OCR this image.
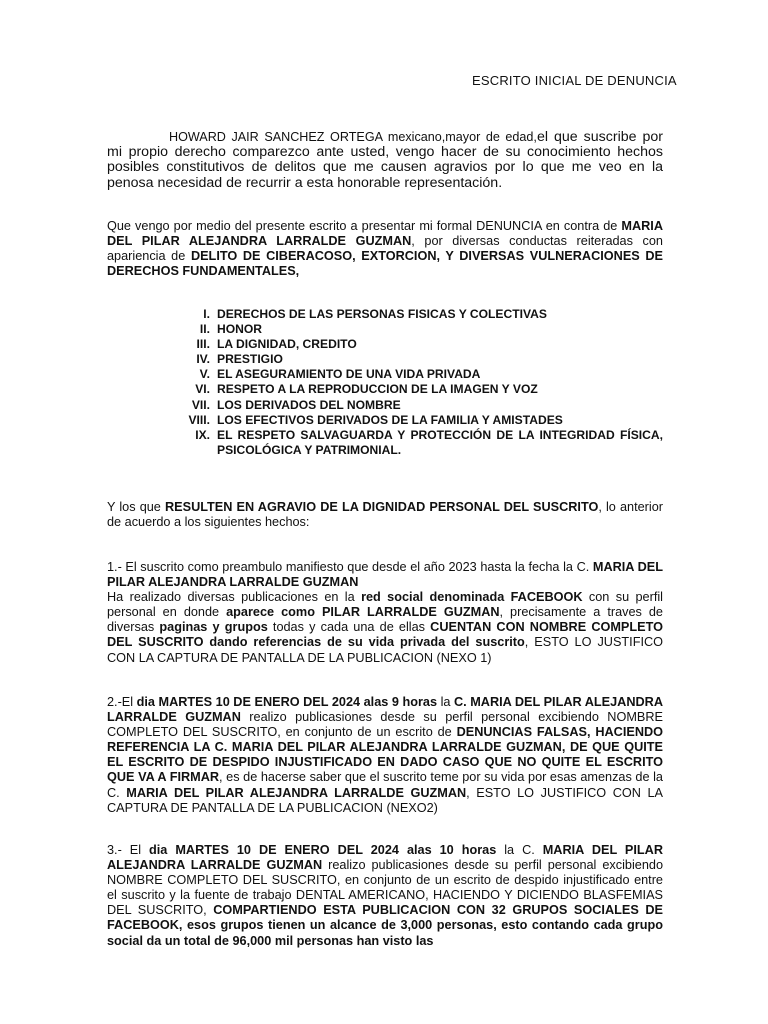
ESCRITO INICIAL DE DENUNCIA
HOWARD JAIR SANCHEZ ORTEGA mexicano,mayor de edad,el que suscribe por mi propio derecho comparezco ante usted, vengo hacer de su conocimiento hechos posibles constitutivos de delitos que me causen agravios por lo que me veo en la penosa necesidad de recurrir a esta honorable representación.
Que vengo por medio del presente escrito a presentar mi formal DENUNCIA en contra de MARIA DEL PILAR ALEJANDRA LARRALDE GUZMAN, por diversas conductas reiteradas con apariencia de DELITO DE CIBERACOSO, EXTORCION, Y DIVERSAS VULNERACIONES DE DERECHOS FUNDAMENTALES,
I. DERECHOS DE LAS PERSONAS FISICAS Y COLECTIVAS
II. HONOR
III. LA DIGNIDAD, CREDITO
IV. PRESTIGIO
V. EL ASEGURAMIENTO DE UNA VIDA PRIVADA
VI. RESPETO A LA REPRODUCCION DE LA IMAGEN Y VOZ
VII. LOS DERIVADOS DEL NOMBRE
VIII. LOS EFECTIVOS DERIVADOS DE LA FAMILIA Y AMISTADES
IX. EL RESPETO SALVAGUARDA Y PROTECCIÓN DE LA INTEGRIDAD FÍSICA, PSICOLÓGICA Y PATRIMONIAL.
Y los que RESULTEN EN AGRAVIO DE LA DIGNIDAD PERSONAL DEL SUSCRITO, lo anterior de acuerdo a los siguientes hechos:
1.- El suscrito como preambulo manifiesto que desde el año 2023 hasta la fecha la C. MARIA DEL PILAR ALEJANDRA LARRALDE GUZMAN
Ha realizado diversas publicaciones en la red social denominada FACEBOOK con su perfil personal en donde aparece como PILAR LARRALDE GUZMAN, precisamente a traves de diversas paginas y grupos todas y cada una de ellas CUENTAN CON NOMBRE COMPLETO DEL SUSCRITO dando referencias de su vida privada del suscrito, ESTO LO JUSTIFICO CON LA CAPTURA DE PANTALLA DE LA PUBLICACION (NEXO 1)
2.-El dia MARTES 10 DE ENERO DEL 2024 alas 9 horas la C. MARIA DEL PILAR ALEJANDRA LARRALDE GUZMAN realizo publicasiones desde su perfil personal excibiendo NOMBRE COMPLETO DEL SUSCRITO, en conjunto de un escrito de DENUNCIAS FALSAS, HACIENDO REFERENCIA LA C. MARIA DEL PILAR ALEJANDRA LARRALDE GUZMAN, DE QUE QUITE EL ESCRITO DE DESPIDO INJUSTIFICADO EN DADO CASO QUE NO QUITE EL ESCRITO QUE VA A FIRMAR, es de hacerse saber que el suscrito teme por su vida por esas amenzas de la C. MARIA DEL PILAR ALEJANDRA LARRALDE GUZMAN, ESTO LO JUSTIFICO CON LA CAPTURA DE PANTALLA DE LA PUBLICACION (NEXO2)
3.- El dia MARTES 10 DE ENERO DEL 2024 alas 10 horas la C. MARIA DEL PILAR ALEJANDRA LARRALDE GUZMAN realizo publicasiones desde su perfil personal excibiendo NOMBRE COMPLETO DEL SUSCRITO, en conjunto de un escrito de despido injustificado entre el suscrito y la fuente de trabajo DENTAL AMERICANO, HACIENDO Y DICIENDO BLASFEMIAS DEL SUSCRITO, COMPARTIENDO ESTA PUBLICACION CON 32 GRUPOS SOCIALES DE FACEBOOK, esos grupos tienen un alcance de 3,000 personas, esto contando cada grupo social da un total de 96,000 mil personas han visto las
